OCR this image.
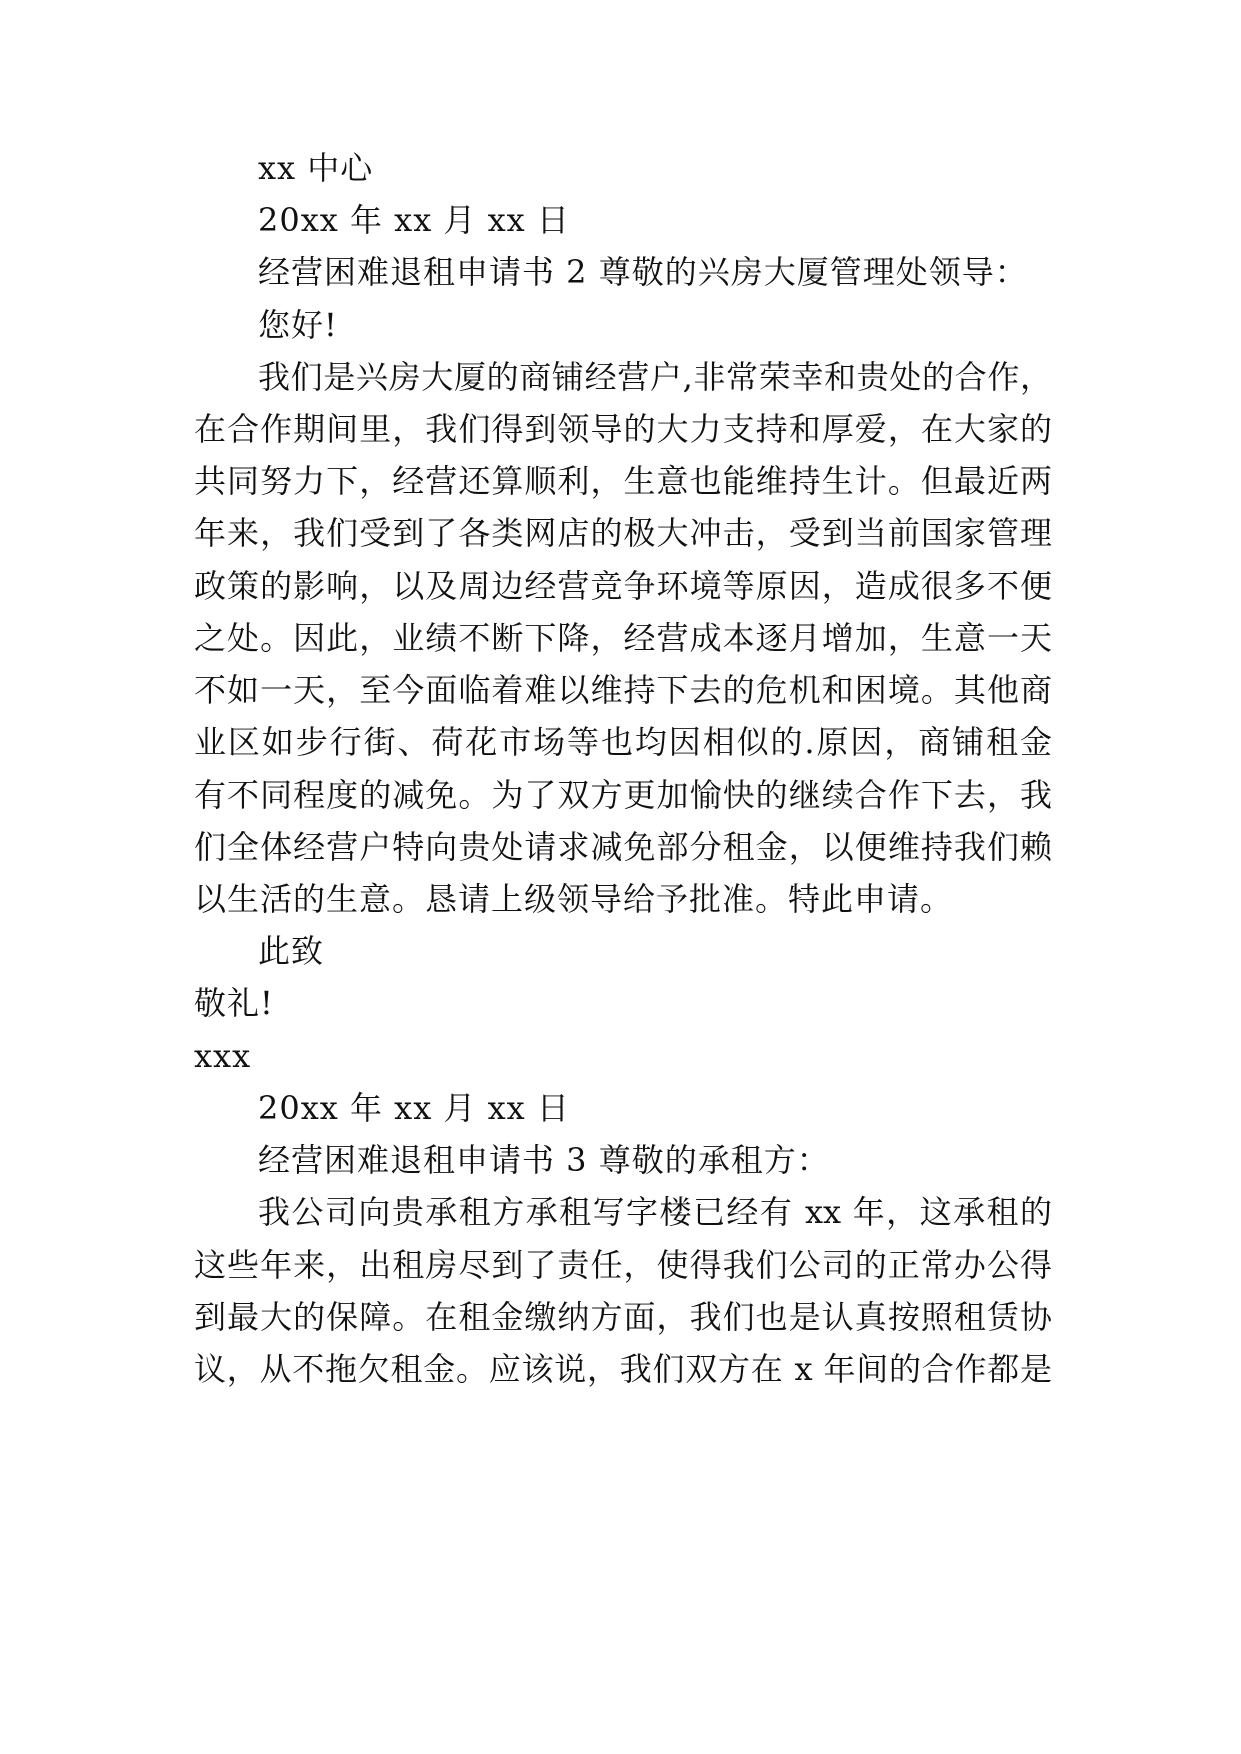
xx 中心

20xx 年 xx 月 xx 日

经营困难退租申请书 2 尊敬的兴房大厦管理处领导：

您好!

我们是兴房大厦的商铺经营户,非常荣幸和贵处的合作，

在合作期间里，我们得到领导的大力支持和厚爱，在大家的

共同努力下，经营还算顺利，生意也能维持生计。但最近两

年来，我们受到了各类网店的极大冲击，受到当前国家管理

政策的影响，以及周边经营竞争环境等原因，造成很多不便

之处。因此，业绩不断下降，经营成本逐月增加，生意一天

不如一天，至今面临着难以维持下去的危机和困境。其他商

业区如步行街、荷花市场等也均因相似的.原因，商铺租金

有不同程度的减免。为了双方更加愉快的继续合作下去，我

们全体经营户特向贵处请求减免部分租金，以便维持我们赖

以生活的生意。恳请上级领导给予批准。特此申请。

此致

敬礼!

xxx

20xx 年 xx 月 xx 日

经营困难退租申请书 3 尊敬的承租方：

我公司向贵承租方承租写字楼已经有 xx 年，这承租的

这些年来，出租房尽到了责任，使得我们公司的正常办公得

到最大的保障。在租金缴纳方面，我们也是认真按照租赁协

议，从不拖欠租金。应该说，我们双方在 x 年间的合作都是
